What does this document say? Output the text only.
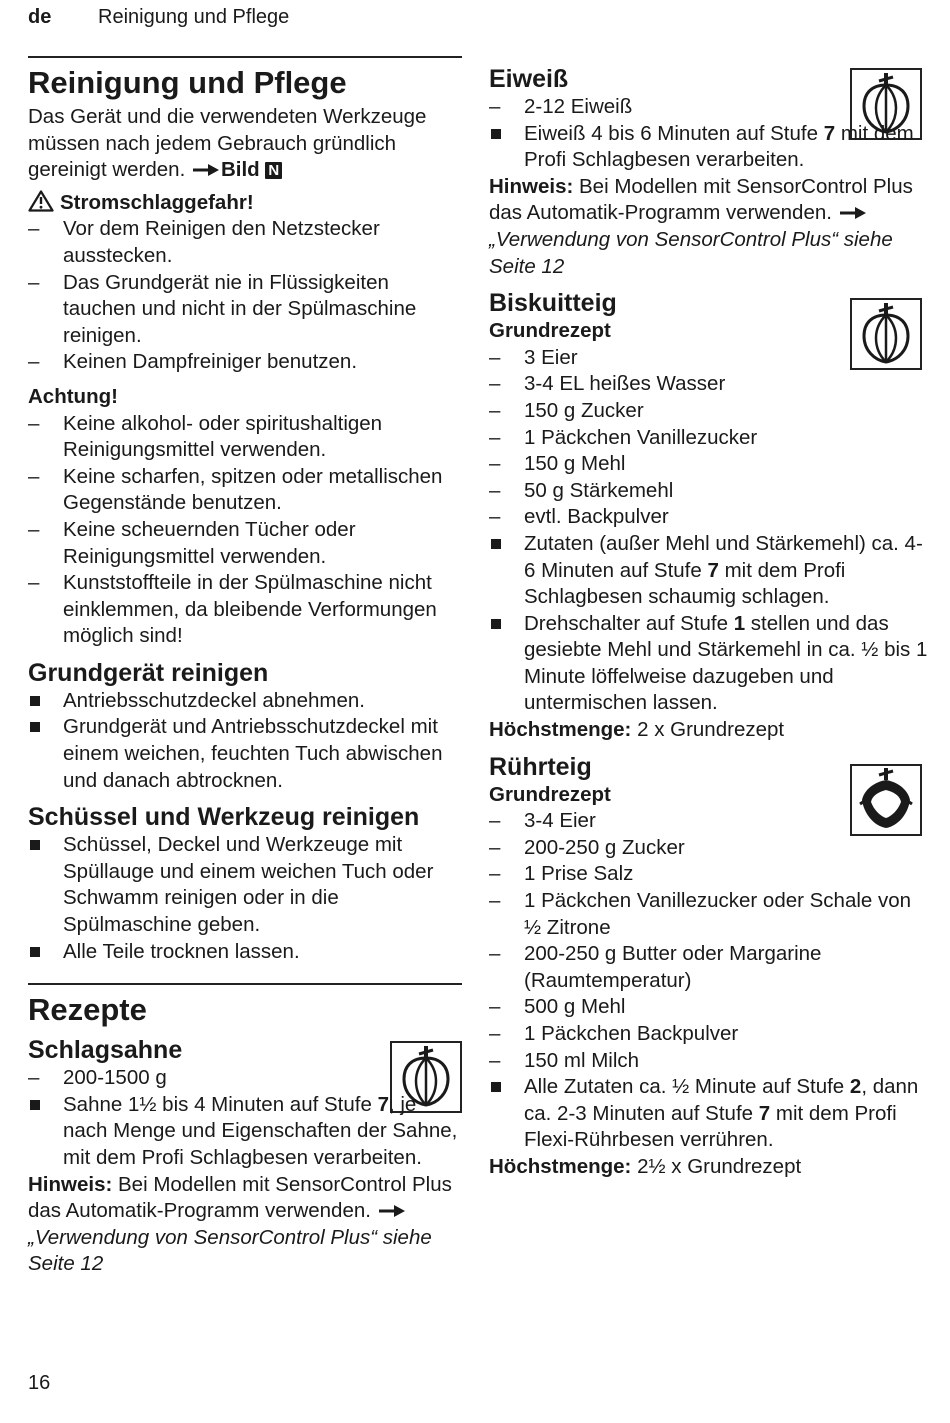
de Reinigung und Pflege
Reinigung und Pflege

Das Gerät und die verwendeten Werkzeuge müssen nach jedem Gebrauch gründlich gereinigt werden. Bild N

Stromschlaggefahr!
–	Vor dem Reinigen den Netzstecker ausstecken.
–	Das Grundgerät nie in Flüssigkeiten tauchen und nicht in der Spülmaschine reinigen.
–	Keinen Dampfreiniger benutzen.
Achtung!
–	Keine alkohol- oder spiritushaltigen Reinigungsmittel verwenden.
–	Keine scharfen, spitzen oder metallischen Gegenstände benutzen.
–	Keine scheuernden Tücher oder Reinigungsmittel verwenden.
–	Kunststoffteile in der Spülmaschine nicht einklemmen, da bleibende Verformungen möglich sind!
Grundgerät reinigen
Antriebsschutzdeckel abnehmen.
Grundgerät und Antriebsschutzdeckel mit einem weichen, feuchten Tuch abwischen und danach abtrocknen.
Schüssel und Werkzeug reinigen
Schüssel, Deckel und Werkzeuge mit Spüllauge und einem weichen Tuch oder Schwamm reinigen oder in die Spülmaschine geben.
Alle Teile trocknen lassen.
Rezepte
Schlagsahne
–	200-1500 g
Sahne 1½ bis 4 Minuten auf Stufe 7, je nach Menge und Eigenschaften der Sahne, mit dem Profi Schlagbesen verarbeiten.

Hinweis: Bei Modellen mit SensorControl Plus das Automatik-Programm verwenden. „Verwendung von SensorControl Plus“ siehe Seite 12

Eiweiß
–	2-12 Eiweiß
Eiweiß 4 bis 6 Minuten auf Stufe 7 mit dem Profi Schlagbesen verarbeiten.

Hinweis: Bei Modellen mit SensorControl Plus das Automatik-Programm verwenden. „Verwendung von SensorControl Plus“ siehe Seite 12

Biskuitteig
Grundrezept
–	3 Eier
–	3-4 EL heißes Wasser
–	150 g Zucker
–	1 Päckchen Vanillezucker
–	150 g Mehl
–	50 g Stärkemehl
–	evtl. Backpulver
Zutaten (außer Mehl und Stärkemehl) ca. 4-6 Minuten auf Stufe 7 mit dem Profi Schlagbesen schaumig schlagen.
Drehschalter auf Stufe 1 stellen und das gesiebte Mehl und Stärkemehl in ca. ½ bis 1 Minute löffelweise dazugeben und untermischen lassen.

Höchstmenge: 2 x Grundrezept

Rührteig
Grundrezept
–	3-4 Eier
–	200-250 g Zucker
–	1 Prise Salz
–	1 Päckchen Vanillezucker oder Schale von ½ Zitrone
–	200-250 g Butter oder Margarine (Raumtemperatur)
–	500 g Mehl
–	1 Päckchen Backpulver
–	150 ml Milch
Alle Zutaten ca. ½ Minute auf Stufe 2, dann ca. 2-3 Minuten auf Stufe 7 mit dem Profi Flexi-Rührbesen verrühren.

Höchstmenge: 2½ x Grundrezept

16
